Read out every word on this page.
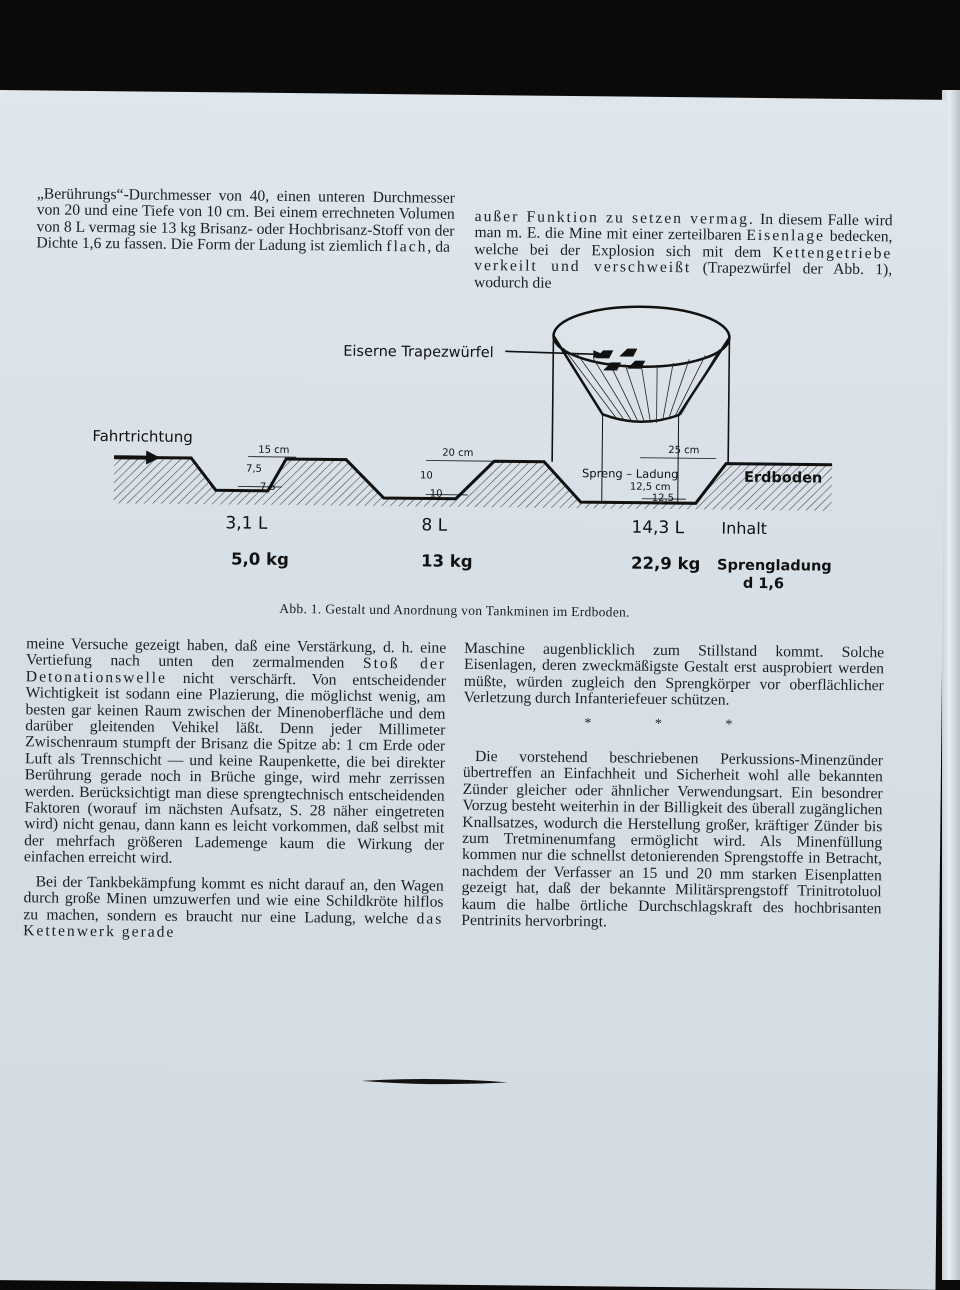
„Berührungs“-Durchmesser von 40, einen unteren Durchmesser von 20 und eine Tiefe von 10 cm. Bei einem errechneten Volumen von 8 L vermag sie 13 kg Brisanz- oder Hochbrisanz-Stoff von der Dichte 1,6 zu fassen. Die Form der Ladung ist ziemlich flach, da

außer Funktion zu setzen vermag. In diesem Falle wird man m. E. die Mine mit einer zerteilbaren Eisenlage bedecken, welche bei der Explosion sich mit dem Kettengetriebe verkeilt und verschweißt (Trapezwürfel der Abb. 1), wodurch die

Fahrtrichtung
Eiserne Trapezwürfel
15 cm
7,5
7,5
20 cm
10
10
25 cm
Spreng – Ladung
12,5 cm
12,5
Erdboden
3,1 L	8 L	14,3 L Inhalt
5,0 kg	13 kg	22,9 kg Sprengladung
d 1,6
Abb. 1. Gestalt und Anordnung von Tankminen im Erdboden.

meine Versuche gezeigt haben, daß eine Verstärkung, d. h. eine Vertiefung nach unten den zermalmenden Stoß der Detonationswelle nicht verschärft. Von entscheidender Wichtigkeit ist sodann eine Plazierung, die möglichst wenig, am besten gar keinen Raum zwischen der Minenoberfläche und dem darüber gleitenden Vehikel läßt. Denn jeder Millimeter Zwischenraum stumpft der Brisanz die Spitze ab: 1 cm Erde oder Luft als Trennschicht — und keine Raupenkette, die bei direkter Berührung gerade noch in Brüche ginge, wird mehr zerrissen werden. Berücksichtigt man diese sprengtechnisch entscheidenden Faktoren (worauf im nächsten Aufsatz, S. 28 näher eingetreten wird) nicht genau, dann kann es leicht vorkommen, daß selbst mit der mehrfach größeren Lademenge kaum die Wirkung der einfachen erreicht wird.

Bei der Tankbekämpfung kommt es nicht darauf an, den Wagen durch große Minen umzuwerfen und wie eine Schildkröte hilflos zu machen, sondern es braucht nur eine Ladung, welche das Kettenwerk gerade

Maschine augenblicklich zum Stillstand kommt. Solche Eisenlagen, deren zweckmäßigste Gestalt erst ausprobiert werden müßte, würden zugleich den Sprengkörper vor oberflächlicher Verletzung durch Infanteriefeuer schützen.

* * *

Die vorstehend beschriebenen Perkussions-Minenzünder übertreffen an Einfachheit und Sicherheit wohl alle bekannten Zünder gleicher oder ähnlicher Verwendungsart. Ein besondrer Vorzug besteht weiterhin in der Billigkeit des überall zugänglichen Knallsatzes, wodurch die Herstellung großer, kräftiger Zünder bis zum Tretminenumfang ermöglicht wird. Als Minenfüllung kommen nur die schnellst detonierenden Sprengstoffe in Betracht, nachdem der Verfasser an 15 und 20 mm starken Eisenplatten gezeigt hat, daß der bekannte Militärsprengstoff Trinitrotoluol kaum die halbe örtliche Durchschlagskraft des hochbrisanten Pentrinits hervorbringt.
